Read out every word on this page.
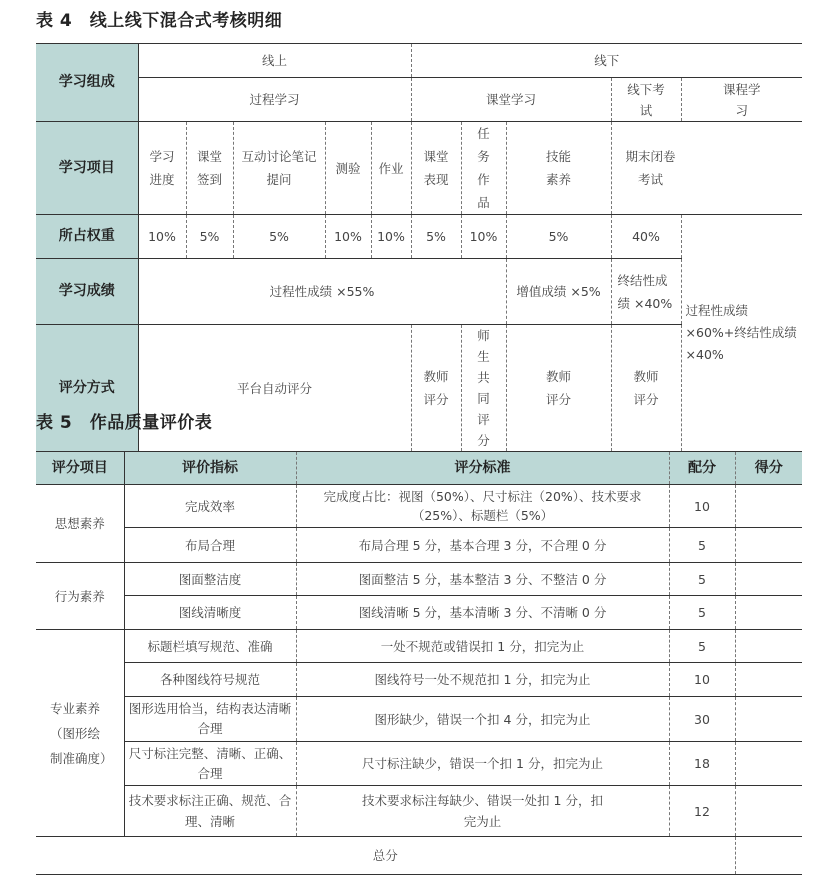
表 4　线上线下混合式考核明细
学习组成	线上					线下				
	过程学习					课堂学习			线下考试	课程学习
学习项目	学习进度	课堂签到	互动讨论笔记提问	测验	作业	课堂表现	任务作品	技能素养	期末闭卷考试	
所占权重	10%	5%	5%	10%	10%	5%	10%	5%	40%	过程性成绩 ×60%+终结性成绩 ×40%
学习成绩	过程性成绩 ×55%							增值成绩 ×5%	终结性成绩 ×40%	
评分方式	平台自动评分					教师评分	师生共同评分	教师评分	教师评分	
表 5　作品质量评价表
评分项目	评价指标	评分标准	配分	得分
思想素养	完成效率	完成度占比：视图（50%）、尺寸标注（20%）、技术要求（25%）、标题栏（5%）	10	
	布局合理	布局合理 5 分，基本合理 3 分，不合理 0 分	5	
行为素养	图面整洁度	图面整洁 5 分，基本整洁 3 分、不整洁 0 分	5	
	图线清晰度	图线清晰 5 分，基本清晰 3 分、不清晰 0 分	5	
专业素养（图形绘制准确度）	标题栏填写规范、准确	一处不规范或错误扣 1 分，扣完为止	5	
	各种图线符号规范	图线符号一处不规范扣 1 分，扣完为止	10	
	图形选用恰当，结构表达清晰合理	图形缺少，错误一个扣 4 分，扣完为止	30	
	尺寸标注完整、清晰、正确、合理	尺寸标注缺少，错误一个扣 1 分，扣完为止	18	
	技术要求标注正确、规范、合理、清晰	技术要求标注每缺少、错误一处扣 1 分，扣完为止	12	
总分				
